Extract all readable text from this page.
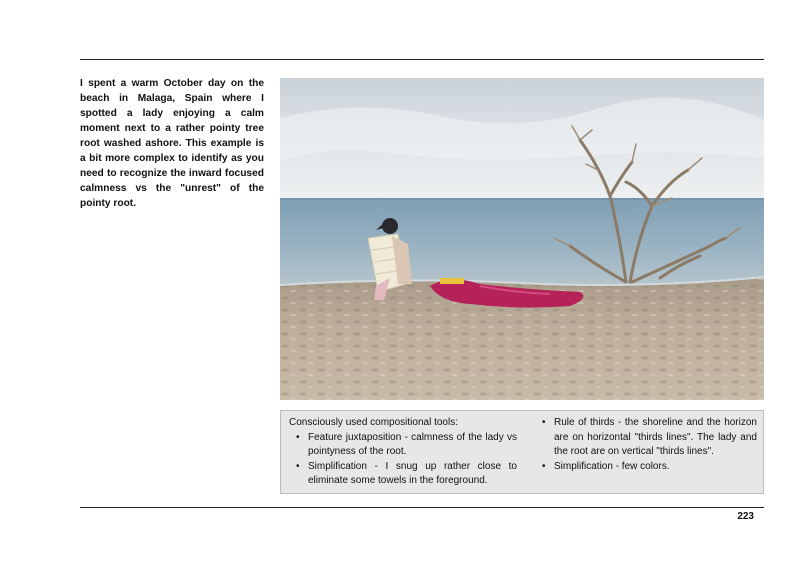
I spent a warm October day on the beach in Malaga, Spain where I spotted a lady enjoying a calm moment next to a rather pointy tree root washed ashore. This example is a bit more complex to identify as you need to recognize the inward focused calmness vs the "unrest" of the pointy root.

Consciously used compositional tools:

• Feature juxtaposition - calmness of the lady vs pointyness of the root.
• Simplification - I snug up rather close to eliminate some towels in the foreground.
• Rule of thirds - the shoreline and the horizon are on horizontal "thirds lines". The lady and the root are on vertical "thirds lines".
• Simplification - few colors.
223
